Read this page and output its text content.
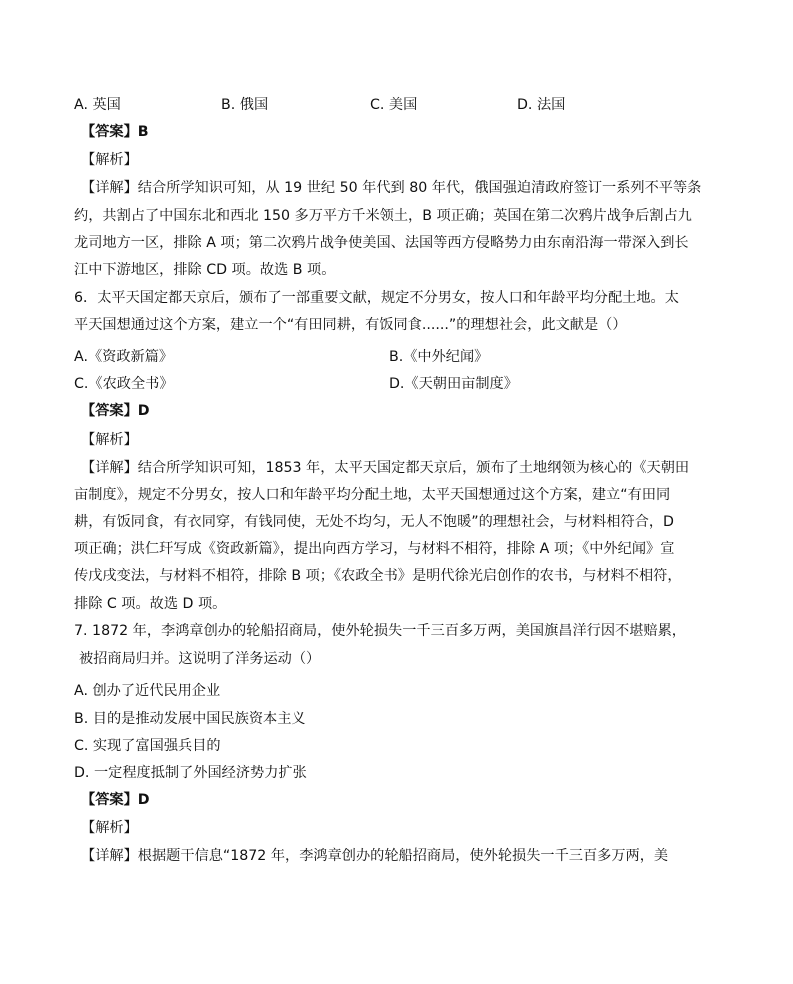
A. 英国	B. 俄国	C. 美国	D. 法国
【答案】B
【解析】
【详解】结合所学知识可知，从 19 世纪 50 年代到 80 年代，俄国强迫清政府签订一系列不平等条
约，共割占了中国东北和西北 150 多万平方千米领土，B 项正确；英国在第二次鸦片战争后割占九
龙司地方一区，排除 A 项；第二次鸦片战争使美国、法国等西方侵略势力由东南沿海一带深入到长
江中下游地区，排除 CD 项。故选 B 项。
6．太平天国定都天京后，颁布了一部重要文献，规定不分男女，按人口和年龄平均分配土地。太
平天国想通过这个方案，建立一个“有田同耕，有饭同食......”的理想社会，此文献是（）
A.《资政新篇》	B.《中外纪闻》
C.《农政全书》	D.《天朝田亩制度》
【答案】D
【解析】
【详解】结合所学知识可知，1853 年，太平天国定都天京后，颁布了土地纲领为核心的《天朝田
亩制度》，规定不分男女，按人口和年龄平均分配土地，太平天国想通过这个方案，建立“有田同
耕，有饭同食，有衣同穿，有钱同使，无处不均匀，无人不饱暖”的理想社会，与材料相符合，D
项正确；洪仁玕写成《资政新篇》，提出向西方学习，与材料不相符，排除 A 项；《中外纪闻》宣
传戊戌变法，与材料不相符，排除 B 项；《农政全书》是明代徐光启创作的农书，与材料不相符，
排除 C 项。故选 D 项。
7. 1872 年，李鸿章创办的轮船招商局，使外轮损失一千三百多万两，美国旗昌洋行因不堪赔累，
被招商局归并。这说明了洋务运动（）
A. 创办了近代民用企业
B. 目的是推动发展中国民族资本主义
C. 实现了富国强兵目的
D. 一定程度抵制了外国经济势力扩张
【答案】D
【解析】
【详解】根据题干信息“1872 年，李鸿章创办的轮船招商局，使外轮损失一千三百多万两，美
